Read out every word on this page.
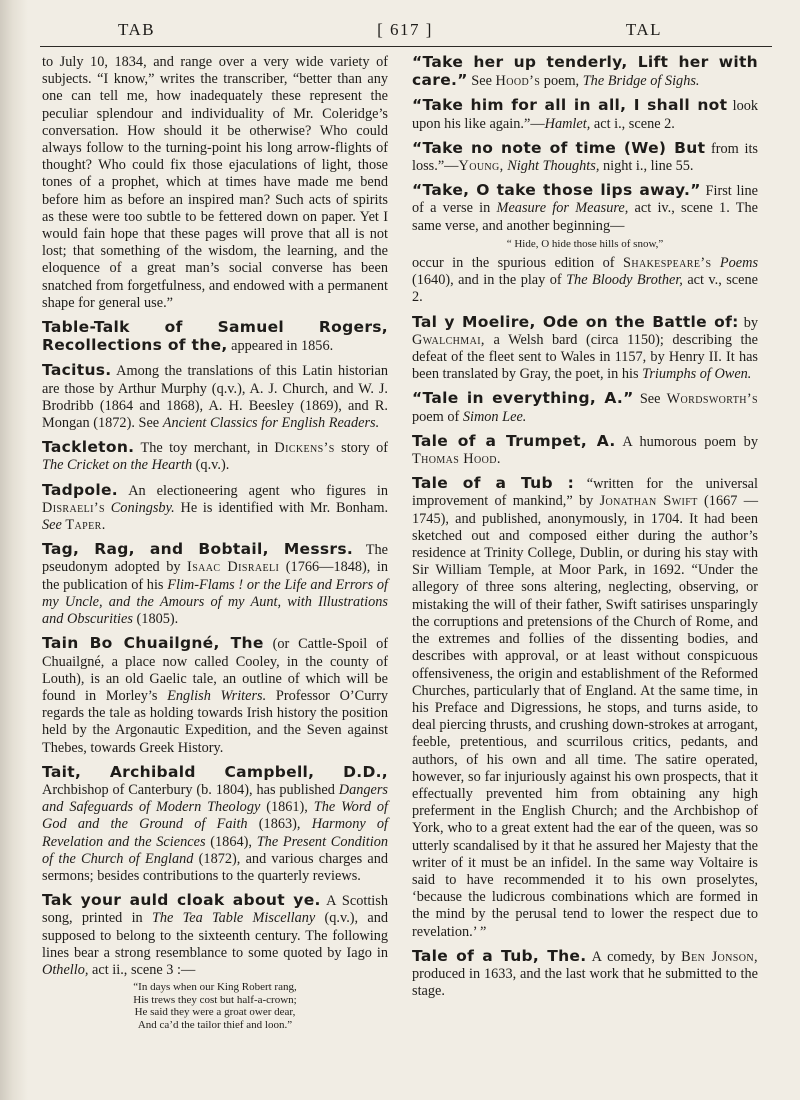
TAB	[ 617 ]	TAL

to July 10, 1834, and range over a very wide variety of subjects. “I know,” writes the transcriber, “better than any one can tell me, how inadequately these represent the peculiar splendour and individuality of Mr. Coleridge’s conversation. How should it be otherwise? Who could always follow to the turning-point his long arrow-flights of thought? Who could fix those ejaculations of light, those tones of a prophet, which at times have made me bend before him as before an inspired man? Such acts of spirits as these were too subtle to be fettered down on paper. Yet I would fain hope that these pages will prove that all is not lost; that something of the wisdom, the learning, and the eloquence of a great man’s social converse has been snatched from forgetfulness, and endowed with a permanent shape for general use.”

Table-Talk of Samuel Rogers, Recollections of the, appeared in 1856.

Tacitus. Among the translations of this Latin historian are those by Arthur Murphy (q.v.), A. J. Church, and W. J. Brodribb (1864 and 1868), A. H. Beesley (1869), and R. Mongan (1872). See Ancient Classics for English Readers.

Tackleton. The toy merchant, in Dickens’s story of The Cricket on the Hearth (q.v.).

Tadpole. An electioneering agent who figures in Disraeli’s Coningsby. He is identified with Mr. Bonham. See Taper.

Tag, Rag, and Bobtail, Messrs. The pseudonym adopted by Isaac Disraeli (1766—1848), in the publication of his Flim-Flams ! or the Life and Errors of my Uncle, and the Amours of my Aunt, with Illustrations and Obscurities (1805).

Tain Bo Chuailgné, The (or Cattle-Spoil of Chuailgné, a place now called Cooley, in the county of Louth), is an old Gaelic tale, an outline of which will be found in Morley’s English Writers. Professor O’Curry regards the tale as holding towards Irish history the position held by the Argonautic Expedition, and the Seven against Thebes, towards Greek History.

Tait, Archibald Campbell, D.D., Archbishop of Canterbury (b. 1804), has published Dangers and Safeguards of Modern Theology (1861), The Word of God and the Ground of Faith (1863), Harmony of Revelation and the Sciences (1864), The Present Condition of the Church of England (1872), and various charges and sermons; besides contributions to the quarterly reviews.

Tak your auld cloak about ye. A Scottish song, printed in The Tea Table Miscellany (q.v.), and supposed to belong to the sixteenth century. The following lines bear a strong resemblance to some quoted by Iago in Othello, act ii., scene 3 :—

“In days when our King Robert rang,
His trews they cost but half-a-crown;
He said they were a groat ower dear,
And ca’d the tailor thief and loon.”

“Take her up tenderly, Lift her with care.” See Hood’s poem, The Bridge of Sighs.

“Take him for all in all, I shall not look upon his like again.”—Hamlet, act i., scene 2.

“Take no note of time (We) But from its loss.”—Young, Night Thoughts, night i., line 55.

“Take, O take those lips away.” First line of a verse in Measure for Measure, act iv., scene 1. The same verse, and another beginning—

“ Hide, O hide those hills of snow,”

occur in the spurious edition of Shakespeare’s Poems (1640), and in the play of The Bloody Brother, act v., scene 2.

Tal y Moelire, Ode on the Battle of: by Gwalchmai, a Welsh bard (circa 1150); describing the defeat of the fleet sent to Wales in 1157, by Henry II. It has been translated by Gray, the poet, in his Triumphs of Owen.

“Tale in everything, A.” See Wordsworth’s poem of Simon Lee.

Tale of a Trumpet, A. A humorous poem by Thomas Hood.

Tale of a Tub : “written for the universal improvement of mankind,” by Jonathan Swift (1667 — 1745), and published, anonymously, in 1704. It had been sketched out and composed either during the author’s residence at Trinity College, Dublin, or during his stay with Sir William Temple, at Moor Park, in 1692. “Under the allegory of three sons altering, neglecting, observing, or mistaking the will of their father, Swift satirises unsparingly the corruptions and pretensions of the Church of Rome, and the extremes and follies of the dissenting bodies, and describes with approval, or at least without conspicuous offensiveness, the origin and establishment of the Reformed Churches, particularly that of England. At the same time, in his Preface and Digressions, he stops, and turns aside, to deal piercing thrusts, and crushing down-strokes at arrogant, feeble, pretentious, and scurrilous critics, pedants, and authors, of his own and all time. The satire operated, however, so far injuriously against his own prospects, that it effectually prevented him from obtaining any high preferment in the English Church; and the Archbishop of York, who to a great extent had the ear of the queen, was so utterly scandalised by it that he assured her Majesty that the writer of it must be an infidel. In the same way Voltaire is said to have recommended it to his own proselytes, ‘because the ludicrous combinations which are formed in the mind by the perusal tend to lower the respect due to revelation.’ ”

Tale of a Tub, The. A comedy, by Ben Jonson, produced in 1633, and the last work that he submitted to the stage.
